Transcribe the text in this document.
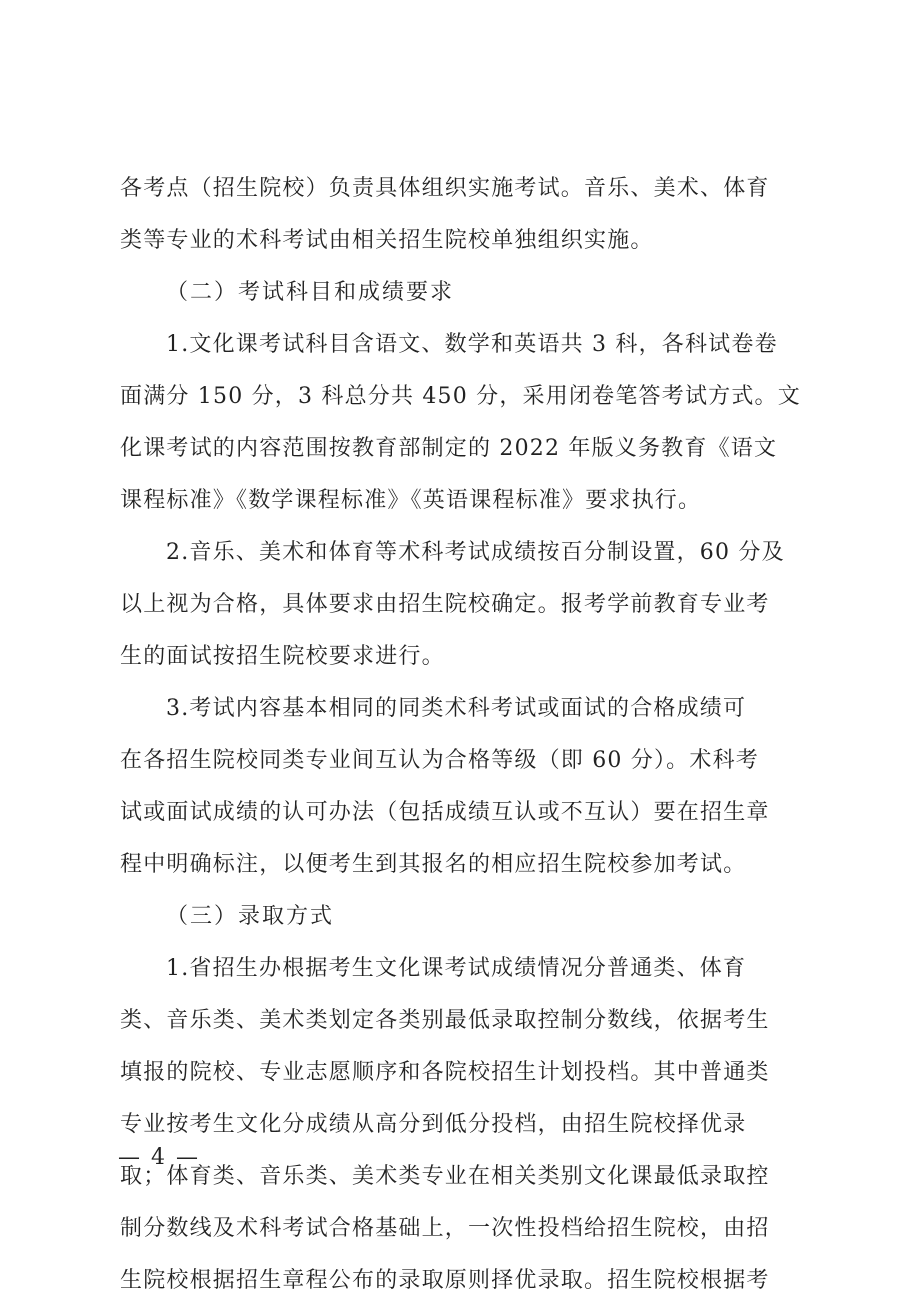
各考点（招生院校）负责具体组织实施考试。音乐、美术、体育
类等专业的术科考试由相关招生院校单独组织实施。
（二）考试科目和成绩要求
1.文化课考试科目含语文、数学和英语共 3 科，各科试卷卷
面满分 150 分，3 科总分共 450 分，采用闭卷笔答考试方式。文
化课考试的内容范围按教育部制定的 2022 年版义务教育《语文
课程标准》《数学课程标准》《英语课程标准》要求执行。
2.音乐、美术和体育等术科考试成绩按百分制设置，60 分及
以上视为合格，具体要求由招生院校确定。报考学前教育专业考
生的面试按招生院校要求进行。
3.考试内容基本相同的同类术科考试或面试的合格成绩可
在各招生院校同类专业间互认为合格等级（即 60 分）。术科考
试或面试成绩的认可办法（包括成绩互认或不互认）要在招生章
程中明确标注，以便考生到其报名的相应招生院校参加考试。
（三）录取方式
1.省招生办根据考生文化课考试成绩情况分普通类、体育
类、音乐类、美术类划定各类别最低录取控制分数线，依据考生
填报的院校、专业志愿顺序和各院校招生计划投档。其中普通类
专业按考生文化分成绩从高分到低分投档，由招生院校择优录
取；体育类、音乐类、美术类专业在相关类别文化课最低录取控
制分数线及术科考试合格基础上，一次性投档给招生院校，由招
生院校根据招生章程公布的录取原则择优录取。招生院校根据考
— 4 —
